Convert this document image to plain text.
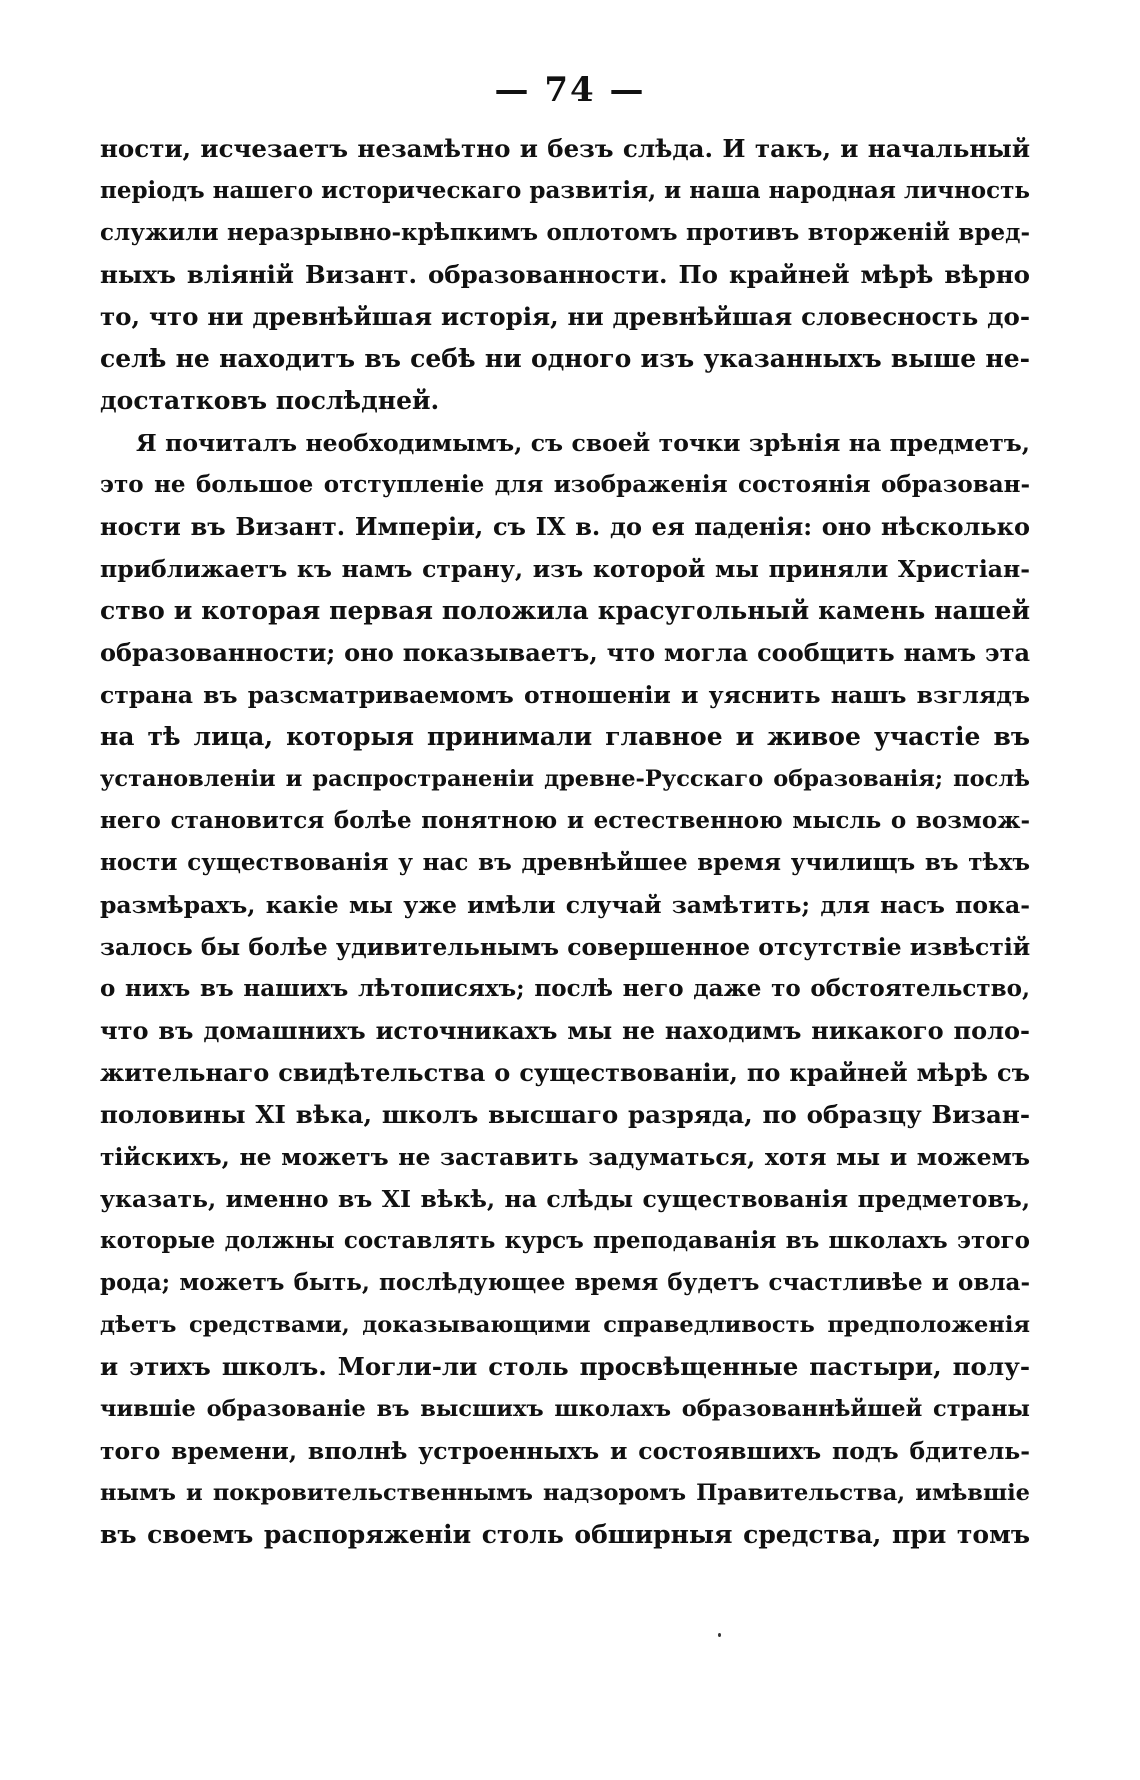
— 74 —
ности, исчезаетъ незамѣтно и безъ слѣда. И такъ, и начальный
періодъ нашего историческаго развитія, и наша народная личность
служили неразрывно-крѣпкимъ оплотомъ противъ вторженій вред-
ныхъ вліяній Визант. образованности. По крайней мѣрѣ вѣрно
то, что ни древнѣйшая исторія, ни древнѣйшая словесность до-
селѣ не находитъ въ себѣ ни одного изъ указанныхъ выше не-
достатковъ послѣдней.
Я почиталъ необходимымъ, съ своей точки зрѣнія на предметъ,
это не большое отступленіе для изображенія состоянія образован-
ности въ Визант. Имперіи, съ IX в. до ея паденія: оно нѣсколько
приближаетъ къ намъ страну, изъ которой мы приняли Христіан-
ство и которая первая положила красугольный камень нашей
образованности; оно показываетъ, что могла сообщить намъ эта
страна въ разсматриваемомъ отношеніи и уяснить нашъ взглядъ
на тѣ лица, которыя принимали главное и живое участіе въ
установленіи и распространеніи древне-Русскаго образованія; послѣ
него становится болѣе понятною и естественною мысль о возмож-
ности существованія у нас въ древнѣйшее время училищъ въ тѣхъ
размѣрахъ, какіе мы уже имѣли случай замѣтить; для насъ пока-
залось бы болѣе удивительнымъ совершенное отсутствіе извѣстій
о нихъ въ нашихъ лѣтописяхъ; послѣ него даже то обстоятельство,
что въ домашнихъ источникахъ мы не находимъ никакого поло-
жительнаго свидѣтельства о существованіи, по крайней мѣрѣ съ
половины XI вѣка, школъ высшаго разряда, по образцу Визан-
тійскихъ, не можетъ не заставить задуматься, хотя мы и можемъ
указать, именно въ XI вѣкѣ, на слѣды существованія предметовъ,
которые должны составлять курсъ преподаванія въ школахъ этого
рода; можетъ быть, послѣдующее время будетъ счастливѣе и овла-
дѣетъ средствами, доказывающими справедливость предположенія
и этихъ школъ. Могли-ли столь просвѣщенные пастыри, полу-
чившіе образованіе въ высшихъ школахъ образованнѣйшей страны
того времени, вполнѣ устроенныхъ и состоявшихъ подъ бдитель-
нымъ и покровительственнымъ надзоромъ Правительства, имѣвшіе
въ своемъ распоряженіи столь обширныя средства, при томъ
